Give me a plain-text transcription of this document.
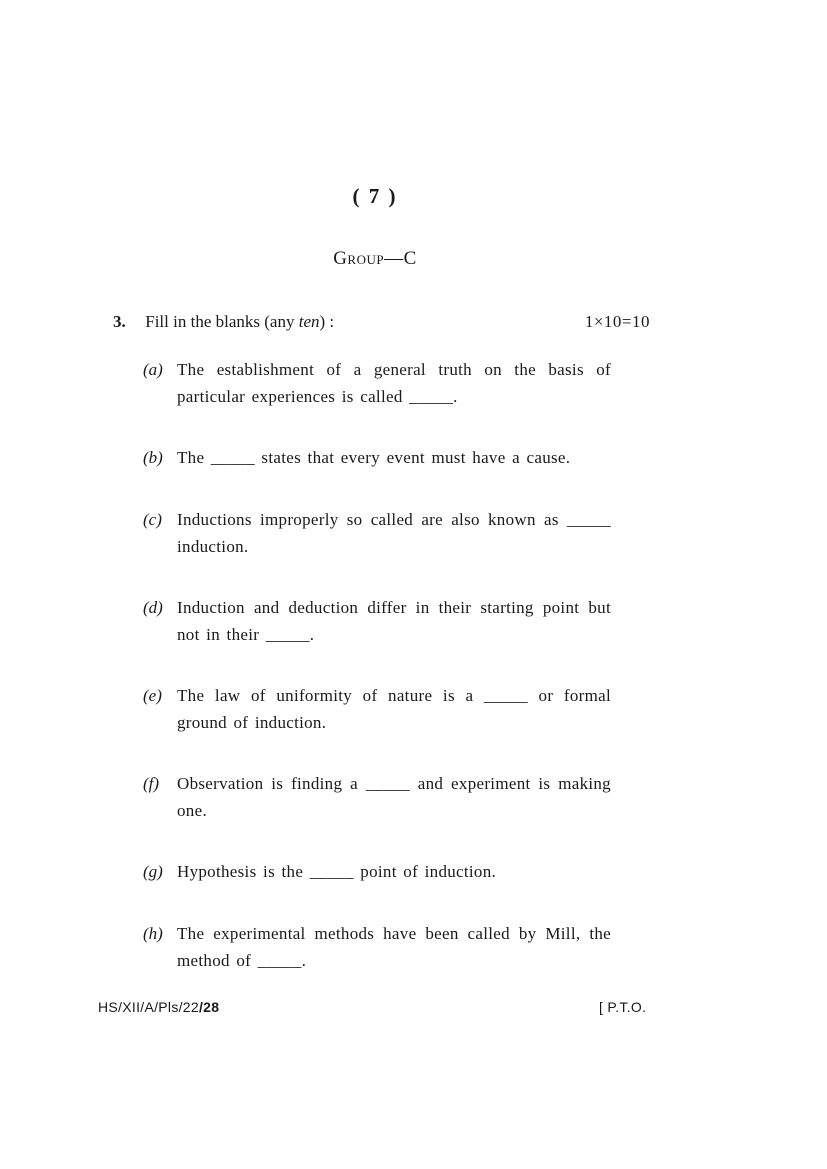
( 7 )
Group—C
3. Fill in the blanks (any ten) :	1×10=10
(a) The establishment of a general truth on the basis of particular experiences is called _____.
(b) The _____ states that every event must have a cause.
(c) Inductions improperly so called are also known as _____ induction.
(d) Induction and deduction differ in their starting point but not in their _____.
(e) The law of uniformity of nature is a _____ or formal ground of induction.
(f)	Observation is finding a _____ and experiment is making one.
(g) Hypothesis is the _____ point of induction.
(h) The experimental methods have been called by Mill, the method of _____.
HS/XII/A/Pls/22/28	[ P.T.O.
